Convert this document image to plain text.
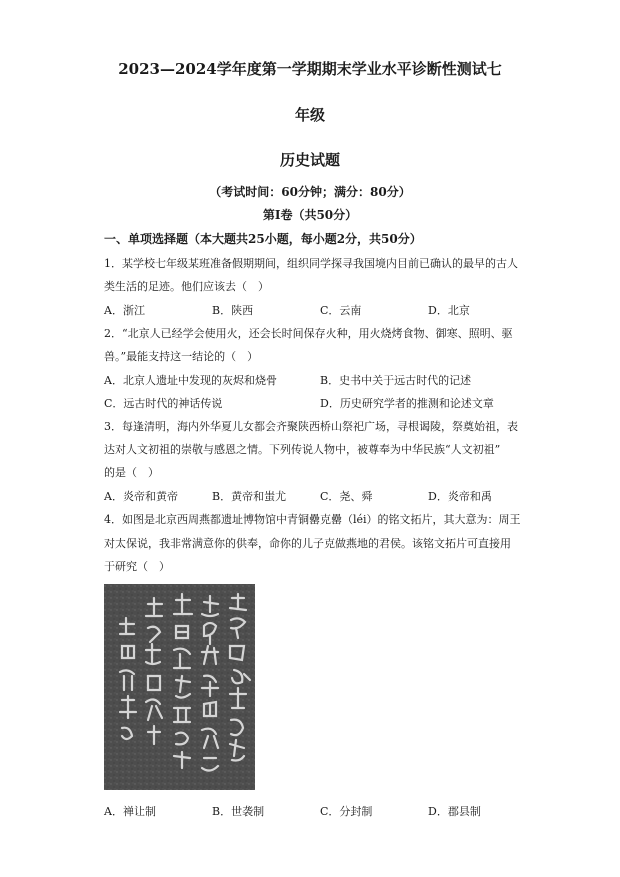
2023—2024学年度第一学期期末学业水平诊断性测试七
年级
历史试题
（考试时间：60分钟；满分：80分）
第Ⅰ卷（共50分）
一、单项选择题（本大题共25小题，每小题2分，共50分）
1．某学校七年级某班准备假期期间，组织同学探寻我国境内目前已确认的最早的古人
类生活的足迹。他们应该去（　）
A．浙江	B．陕西	C．云南	D．北京
2．“北京人已经学会使用火，还会长时间保存火种，用火烧烤食物、御寒、照明、驱
兽。”最能支持这一结论的（　）
A．北京人遗址中发现的灰烬和烧骨	B．史书中关于远古时代的记述
C．远古时代的神话传说	D．历史研究学者的推测和论述文章
3．每逢清明，海内外华夏儿女都会齐聚陕西桥山祭祀广场，寻根谒陵，祭奠始祖，表
达对人文初祖的崇敬与感恩之情。下列传说人物中，被尊奉为中华民族“人文初祖”
的是（　）
A．炎帝和黄帝	B．黄帝和蚩尤	C．尧、舜	D．炎帝和禹
4．如图是北京西周燕都遗址博物馆中青铜罍克罍（léi）的铭文拓片，其大意为：周王
对太保说，我非常满意你的供奉，命你的儿子克做燕地的君侯。该铭文拓片可直接用
于研究（　）
A．禅让制	B．世袭制	C．分封制	D．郡县制
